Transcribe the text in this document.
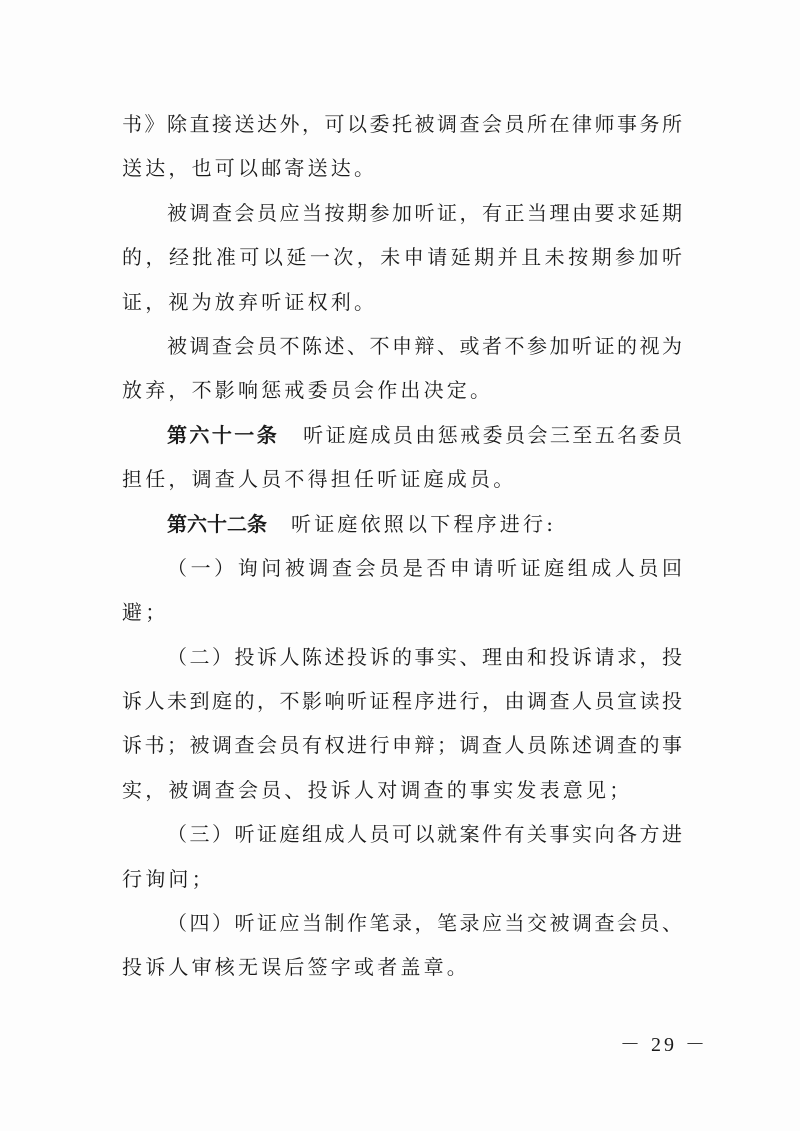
书》除直接送达外，可以委托被调查会员所在律师事务所
送达，也可以邮寄送达。
被调查会员应当按期参加听证，有正当理由要求延期
的，经批准可以延一次，未申请延期并且未按期参加听
证，视为放弃听证权利。
被调查会员不陈述、不申辩、或者不参加听证的视为
放弃，不影响惩戒委员会作出决定。
第六十一条 听证庭成员由惩戒委员会三至五名委员
担任，调查人员不得担任听证庭成员。
第六十二条 听证庭依照以下程序进行:
（一）询问被调查会员是否申请听证庭组成人员回
避；
（二）投诉人陈述投诉的事实、理由和投诉请求，投
诉人未到庭的，不影响听证程序进行，由调查人员宣读投
诉书；被调查会员有权进行申辩；调查人员陈述调查的事
实，被调查会员、投诉人对调查的事实发表意见；
（三）听证庭组成人员可以就案件有关事实向各方进
行询问；
（四）听证应当制作笔录，笔录应当交被调查会员、
投诉人审核无误后签字或者盖章。
－ 29 －
